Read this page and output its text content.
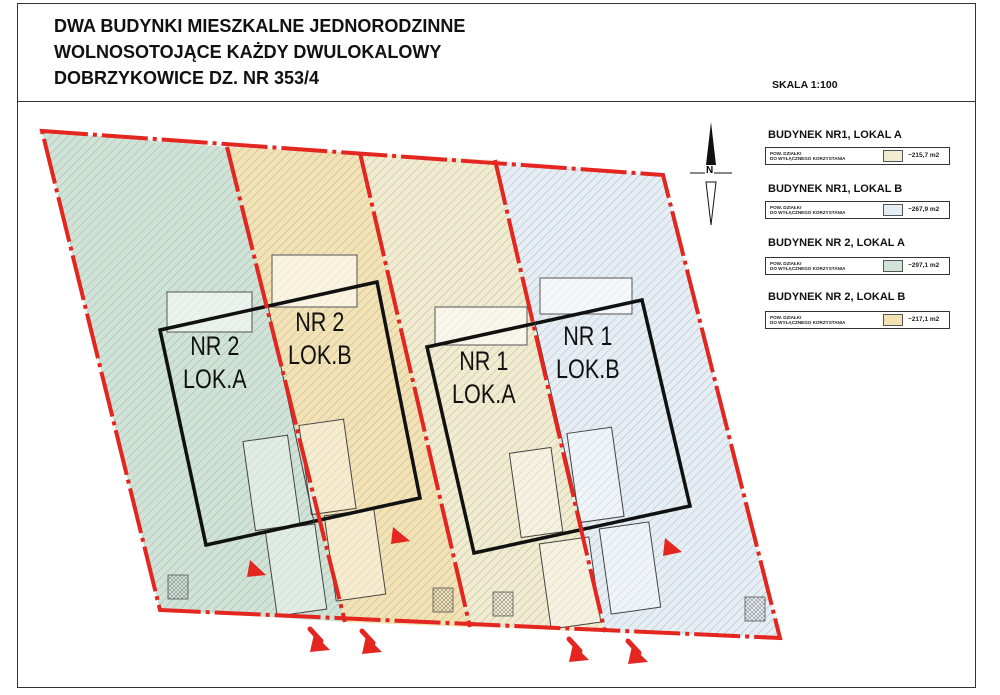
DWA BUDYNKI MIESZKALNE JEDNORODZINNE
WOLNOSOTOJĄCE KAŻDY DWULOKALOWY
DOBRZYKOWICE DZ. NR 353/4	SKALA 1:100
N
NR 2
LOK.A
NR 2
LOK.B	NR 1
LOK.A
NR 1
LOK.B
BUDYNEK NR1, LOKAL A
POW. DZIAŁKI
DO WYŁĄCZNEGO KORZYSTANIA	~215,7 m2
BUDYNEK NR1, LOKAL B
POW. DZIAŁKI
DO WYŁĄCZNEGO KORZYSTANIA	~267,9 m2
BUDYNEK NR 2, LOKAL A
POW. DZIAŁKI
DO WYŁĄCZNEGO KORZYSTANIA	~297,1 m2
BUDYNEK NR 2, LOKAL B
POW. DZIAŁKI
DO WYŁĄCZNEGO KORZYSTANIA	~217,1 m2
